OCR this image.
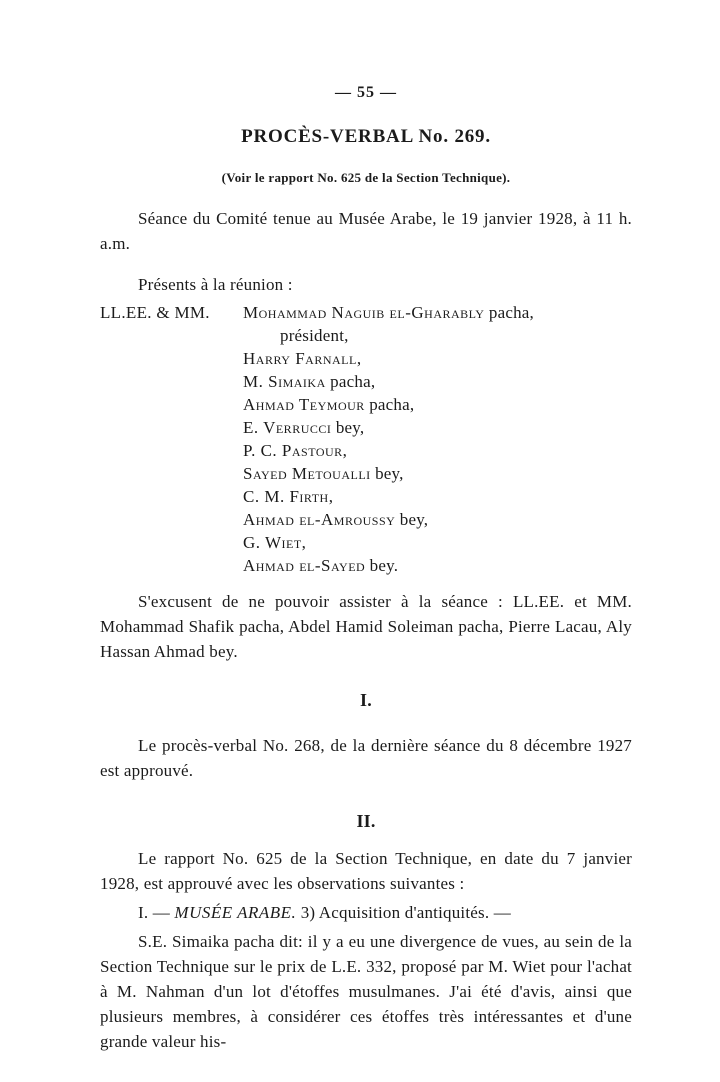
— 55 —
PROCÈS-VERBAL No. 269.
(Voir le rapport No. 625 de la Section Technique).

Séance du Comité tenue au Musée Arabe, le 19 janvier 1928, à 11 h. a.m.

Présents à la réunion :
LL.EE. & MM. Mohammad Naguib el-Gharably pacha,
président,
Harry Farnall,
M. Simaika pacha,
Ahmad Teymour pacha,
E. Verrucci bey,
P. C. Pastour,
Sayed Metoualli bey,
C. M. Firth,
Ahmad el-Amroussy bey,
G. Wiet,
Ahmad el-Sayed bey.

S'excusent de ne pouvoir assister à la séance : LL.EE. et MM. Mohammad Shafik pacha, Abdel Hamid Soleiman pacha, Pierre Lacau, Aly Hassan Ahmad bey.

I.

Le procès-verbal No. 268, de la dernière séance du 8 décembre 1927 est approuvé.

II.

Le rapport No. 625 de la Section Technique, en date du 7 janvier 1928, est approuvé avec les observations suivantes :

I. — MUSÉE ARABE. 3) Acquisition d'antiquités. —

S.E. Simaika pacha dit: il y a eu une divergence de vues, au sein de la Section Technique sur le prix de L.E. 332, proposé par M. Wiet pour l'achat à M. Nahman d'un lot d'étoffes musulmanes. J'ai été d'avis, ainsi que plusieurs membres, à considérer ces étoffes très intéressantes et d'une grande valeur his-
